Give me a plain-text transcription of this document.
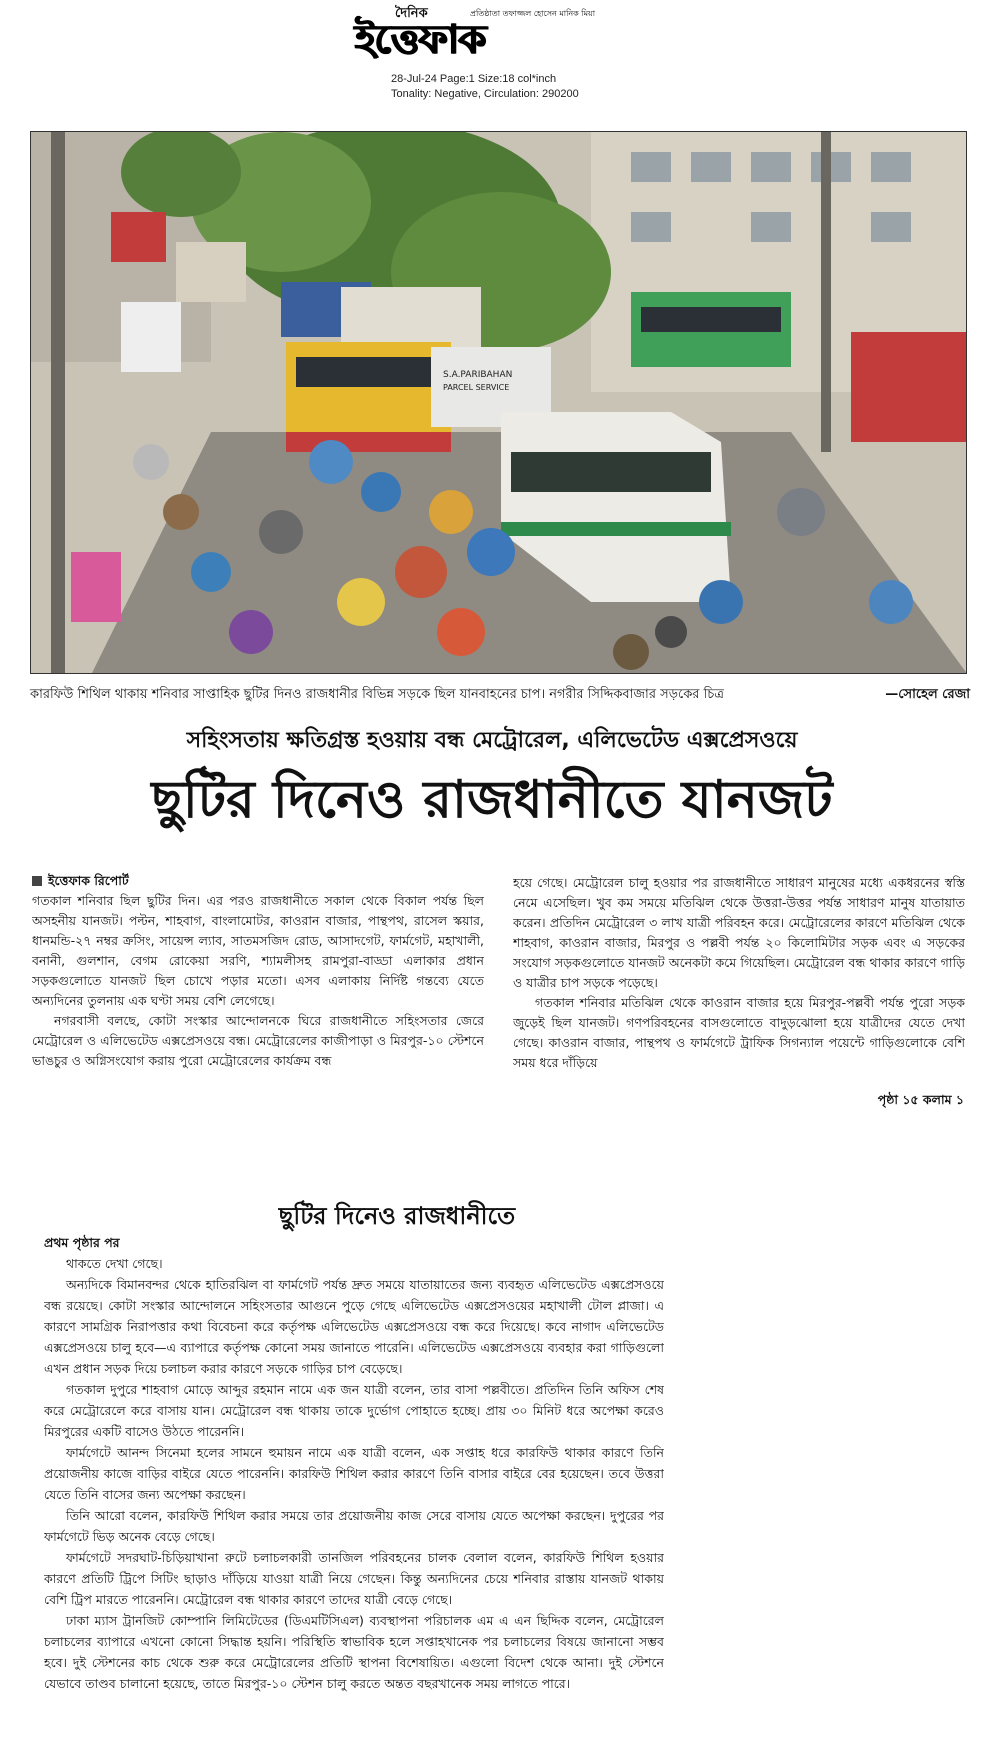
দৈনিক	প্রতিষ্ঠাতা তফাজ্জল হোসেন মানিক মিয়া
ইত্তেফাক
28-Jul-24 Page:1 Size:18 col*inch
Tonality: Negative, Circulation: 290200
S.A.PARIBAHAN
PARCEL SERVICE
কারফিউ শিথিল থাকায় শনিবার সাপ্তাহিক ছুটির দিনও রাজধানীর বিভিন্ন সড়কে ছিল যানবাহনের চাপ। নগরীর সিদ্দিকবাজার সড়কের চিত্র	—সোহেল রেজা
সহিংসতায় ক্ষতিগ্রস্ত হওয়ায় বন্ধ মেট্রোরেল, এলিভেটেড এক্সপ্রেসওয়ে
ছুটির দিনেও রাজধানীতে যানজট
ইত্তেফাক রিপোর্ট

গতকাল শনিবার ছিল ছুটির দিন। এর পরও রাজধানীতে সকাল থেকে বিকাল পর্যন্ত ছিল অসহনীয় যানজট। পল্টন, শাহবাগ, বাংলামোটর, কাওরান বাজার, পান্থপথ, রাসেল স্কয়ার, ধানমন্ডি-২৭ নম্বর ক্রসিং, সায়েন্স ল্যাব, সাতমসজিদ রোড, আসাদগেট, ফার্মগেট, মহাখালী, বনানী, গুলশান, বেগম রোকেয়া সরণি, শ্যামলীসহ রামপুরা-বাড্ডা এলাকার প্রধান সড়কগুলোতে যানজট ছিল চোখে পড়ার মতো। এসব এলাকায় নির্দিষ্ট গন্তব্যে যেতে অন্যদিনের তুলনায় এক ঘণ্টা সময় বেশি লেগেছে।

নগরবাসী বলছে, কোটা সংস্কার আন্দোলনকে ঘিরে রাজধানীতে সহিংসতার জেরে মেট্রোরেল ও এলিভেটেড এক্সপ্রেসওয়ে বন্ধ। মেট্রোরেলের কাজীপাড়া ও মিরপুর-১০ স্টেশনে ভাঙচুর ও অগ্নিসংযোগ করায় পুরো মেট্রোরেলের কার্যক্রম বন্ধ

হয়ে গেছে। মেট্রোরেল চালু হওয়ার পর রাজধানীতে সাধারণ মানুষের মধ্যে একধরনের স্বস্তি নেমে এসেছিল। খুব কম সময়ে মতিঝিল থেকে উত্তরা-উত্তর পর্যন্ত সাধারণ মানুষ যাতায়াত করেন। প্রতিদিন মেট্রোরেল ৩ লাখ যাত্রী পরিবহন করে। মেট্রোরেলের কারণে মতিঝিল থেকে শাহবাগ, কাওরান বাজার, মিরপুর ও পল্লবী পর্যন্ত ২০ কিলোমিটার সড়ক এবং এ সড়কের সংযোগ সড়কগুলোতে যানজট অনেকটা কমে গিয়েছিল। মেট্রোরেল বন্ধ থাকার কারণে গাড়ি ও যাত্রীর চাপ সড়কে পড়েছে।

গতকাল শনিবার মতিঝিল থেকে কাওরান বাজার হয়ে মিরপুর-পল্লবী পর্যন্ত পুরো সড়ক জুড়েই ছিল যানজট। গণপরিবহনের বাসগুলোতে বাদুড়ঝোলা হয়ে যাত্রীদের যেতে দেখা গেছে। কাওরান বাজার, পান্থপথ ও ফার্মগেটে ট্রাফিক সিগন্যাল পয়েন্টে গাড়িগুলোকে বেশি সময় ধরে দাঁড়িয়ে

পৃষ্ঠা ১৫ কলাম ১
ছুটির দিনেও রাজধানীতে
প্রথম পৃষ্ঠার পর

থাকতে দেখা গেছে।

অন্যদিকে বিমানবন্দর থেকে হাতিরঝিল বা ফার্মগেট পর্যন্ত দ্রুত সময়ে যাতায়াতের জন্য ব্যবহৃত এলিভেটেড এক্সপ্রেসওয়ে বন্ধ রয়েছে। কোটা সংস্কার আন্দোলনে সহিংসতার আগুনে পুড়ে গেছে এলিভেটেড এক্সপ্রেসওয়ের মহাখালী টোল প্লাজা। এ কারণে সামগ্রিক নিরাপত্তার কথা বিবেচনা করে কর্তৃপক্ষ এলিভেটেড এক্সপ্রেসওয়ে বন্ধ করে দিয়েছে। কবে নাগাদ এলিভেটেড এক্সপ্রেসওয়ে চালু হবে—এ ব্যাপারে কর্তৃপক্ষ কোনো সময় জানাতে পারেনি। এলিভেটেড এক্সপ্রেসওয়ে ব্যবহার করা গাড়িগুলো এখন প্রধান সড়ক দিয়ে চলাচল করার কারণে সড়কে গাড়ির চাপ বেড়েছে।

গতকাল দুপুরে শাহবাগ মোড়ে আব্দুর রহমান নামে এক জন যাত্রী বলেন, তার বাসা পল্লবীতে। প্রতিদিন তিনি অফিস শেষ করে মেট্রোরেলে করে বাসায় যান। মেট্রোরেল বন্ধ থাকায় তাকে দুর্ভোগ পোহাতে হচ্ছে। প্রায় ৩০ মিনিট ধরে অপেক্ষা করেও মিরপুরের একটি বাসেও উঠতে পারেননি।

ফার্মগেটে আনন্দ সিনেমা হলের সামনে হুমায়ন নামে এক যাত্রী বলেন, এক সপ্তাহ ধরে কারফিউ থাকার কারণে তিনি প্রয়োজনীয় কাজে বাড়ির বাইরে যেতে পারেননি। কারফিউ শিথিল করার কারণে তিনি বাসার বাইরে বের হয়েছেন। তবে উত্তরা যেতে তিনি বাসের জন্য অপেক্ষা করছেন।

তিনি আরো বলেন, কারফিউ শিথিল করার সময়ে তার প্রয়োজনীয় কাজ সেরে বাসায় যেতে অপেক্ষা করছেন। দুপুরের পর ফার্মগেটে ভিড় অনেক বেড়ে গেছে।

ফার্মগেটে সদরঘাট-চিড়িয়াখানা রুটে চলাচলকারী তানজিল পরিবহনের চালক বেলাল বলেন, কারফিউ শিথিল হওয়ার কারণে প্রতিটি ট্রিপে সিটিং ছাড়াও দাঁড়িয়ে যাওয়া যাত্রী নিয়ে গেছেন। কিন্তু অন্যদিনের চেয়ে শনিবার রাস্তায় যানজট থাকায় বেশি ট্রিপ মারতে পারেননি। মেট্রোরেল বন্ধ থাকার কারণে তাদের যাত্রী বেড়ে গেছে।

ঢাকা ম্যাস ট্রানজিট কোম্পানি লিমিটেডের (ডিএমটিসিএল) ব্যবস্থাপনা পরিচালক এম এ এন ছিদ্দিক বলেন, মেট্রোরেল চলাচলের ব্যাপারে এখনো কোনো সিদ্ধান্ত হয়নি। পরিস্থিতি স্বাভাবিক হলে সপ্তাহখানেক পর চলাচলের বিষয়ে জানানো সম্ভব হবে। দুই স্টেশনের কাচ থেকে শুরু করে মেট্রোরেলের প্রতিটি স্থাপনা বিশেষায়িত। এগুলো বিদেশ থেকে আনা। দুই স্টেশনে যেভাবে তাণ্ডব চালানো হয়েছে, তাতে মিরপুর-১০ স্টেশন চালু করতে অন্তত বছরখানেক সময় লাগতে পারে।
